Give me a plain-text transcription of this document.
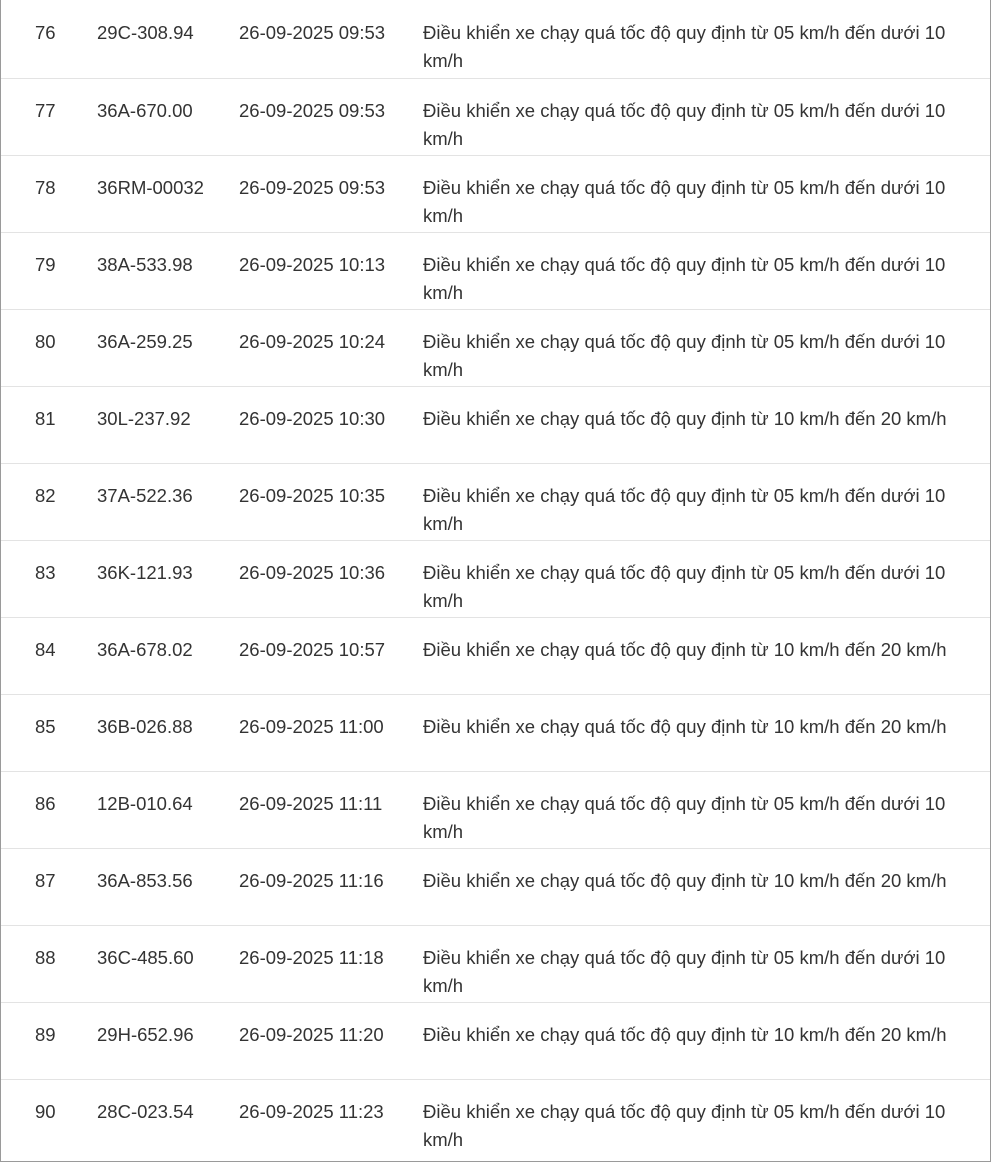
76	29C-308.94	26-09-2025 09:53	Điều khiển xe chạy quá tốc độ quy định từ 05 km/h đến dưới 10 km/h
77	36A-670.00	26-09-2025 09:53	Điều khiển xe chạy quá tốc độ quy định từ 05 km/h đến dưới 10 km/h
78	36RM-00032	26-09-2025 09:53	Điều khiển xe chạy quá tốc độ quy định từ 05 km/h đến dưới 10 km/h
79	38A-533.98	26-09-2025 10:13	Điều khiển xe chạy quá tốc độ quy định từ 05 km/h đến dưới 10 km/h
80	36A-259.25	26-09-2025 10:24	Điều khiển xe chạy quá tốc độ quy định từ 05 km/h đến dưới 10 km/h
81	30L-237.92	26-09-2025 10:30	Điều khiển xe chạy quá tốc độ quy định từ 10 km/h đến 20 km/h
82	37A-522.36	26-09-2025 10:35	Điều khiển xe chạy quá tốc độ quy định từ 05 km/h đến dưới 10 km/h
83	36K-121.93	26-09-2025 10:36	Điều khiển xe chạy quá tốc độ quy định từ 05 km/h đến dưới 10 km/h
84	36A-678.02	26-09-2025 10:57	Điều khiển xe chạy quá tốc độ quy định từ 10 km/h đến 20 km/h
85	36B-026.88	26-09-2025 11:00	Điều khiển xe chạy quá tốc độ quy định từ 10 km/h đến 20 km/h
86	12B-010.64	26-09-2025 11:11	Điều khiển xe chạy quá tốc độ quy định từ 05 km/h đến dưới 10 km/h
87	36A-853.56	26-09-2025 11:16	Điều khiển xe chạy quá tốc độ quy định từ 10 km/h đến 20 km/h
88	36C-485.60	26-09-2025 11:18	Điều khiển xe chạy quá tốc độ quy định từ 05 km/h đến dưới 10 km/h
89	29H-652.96	26-09-2025 11:20	Điều khiển xe chạy quá tốc độ quy định từ 10 km/h đến 20 km/h
90	28C-023.54	26-09-2025 11:23	Điều khiển xe chạy quá tốc độ quy định từ 05 km/h đến dưới 10 km/h
